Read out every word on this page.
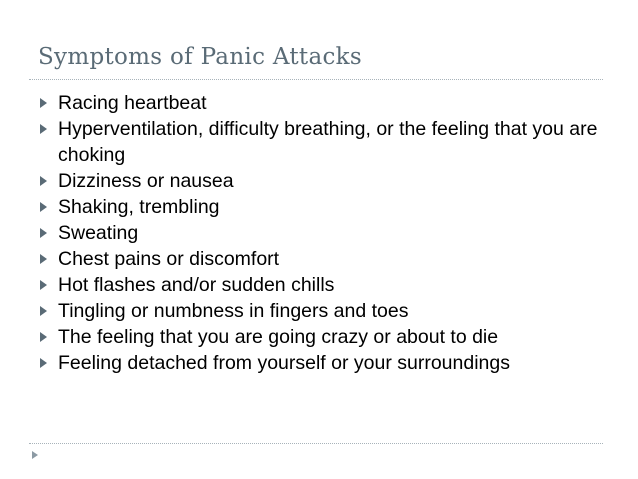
Symptoms of Panic Attacks
Racing heartbeat
Hyperventilation, difficulty breathing, or the feeling that you are choking
Dizziness or nausea
Shaking, trembling
Sweating
Chest pains or discomfort
Hot flashes and/or sudden chills
Tingling or numbness in fingers and toes
The feeling that you are going crazy or about to die
Feeling detached from yourself or your surroundings
